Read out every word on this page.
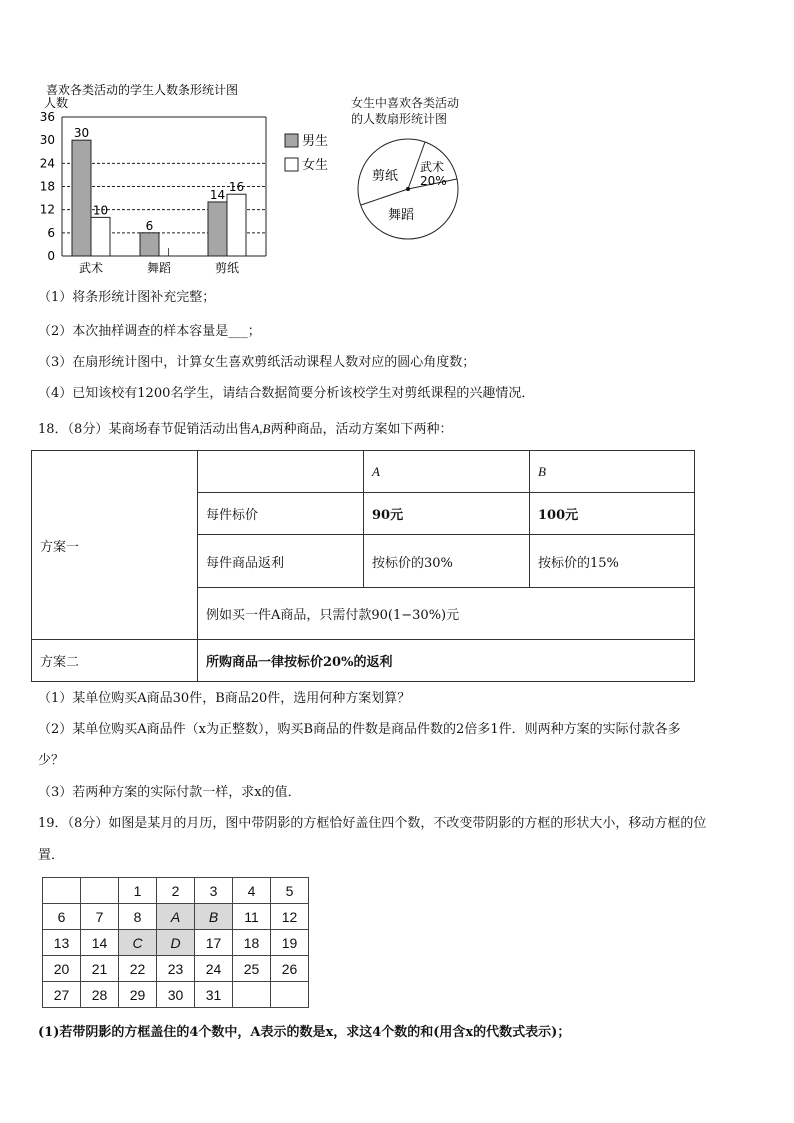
喜欢各类活动的学生人数条形统计图
人数
30
10
6
14
16
0
6
12
18
24
30
36
武术	舞蹈	剪纸
男生
女生
女生中喜欢各类活动
的人数扇形统计图
剪纸
武术
20%
舞蹈
（1）将条形统计图补充完整；
（2）本次抽样调查的样本容量是___；
（3）在扇形统计图中，计算女生喜欢剪纸活动课程人数对应的圆心角度数；
（4）已知该校有1200名学生，请结合数据简要分析该校学生对剪纸课程的兴趣情况．
18．（8分）某商场春节促销活动出售A,B两种商品，活动方案如下两种：
方案一		A	B
	每件标价	90元	100元
	每件商品返利	按标价的30%	按标价的15%
	例如买一件A商品，只需付款90(1−30%)元		
方案二	所购商品一律按标价20%的返利		
（1）某单位购买A商品30件，B商品20件，选用何种方案划算？
（2）某单位购买A商品件（x为正整数），购买B商品的件数是商品件数的2倍多1件．则两种方案的实际付款各多
少？
（3）若两种方案的实际付款一样，求x的值．
19．（8分）如图是某月的月历，图中带阴影的方框恰好盖住四个数，不改变带阴影的方框的形状大小，移动方框的位
置．
		1	2	3	4	5
6	7	8	A	B	11	12
13	14	C	D	17	18	19
20	21	22	23	24	25	26
27	28	29	30	31		
(1)若带阴影的方框盖住的4个数中，A表示的数是x，求这4个数的和(用含x的代数式表示)；
